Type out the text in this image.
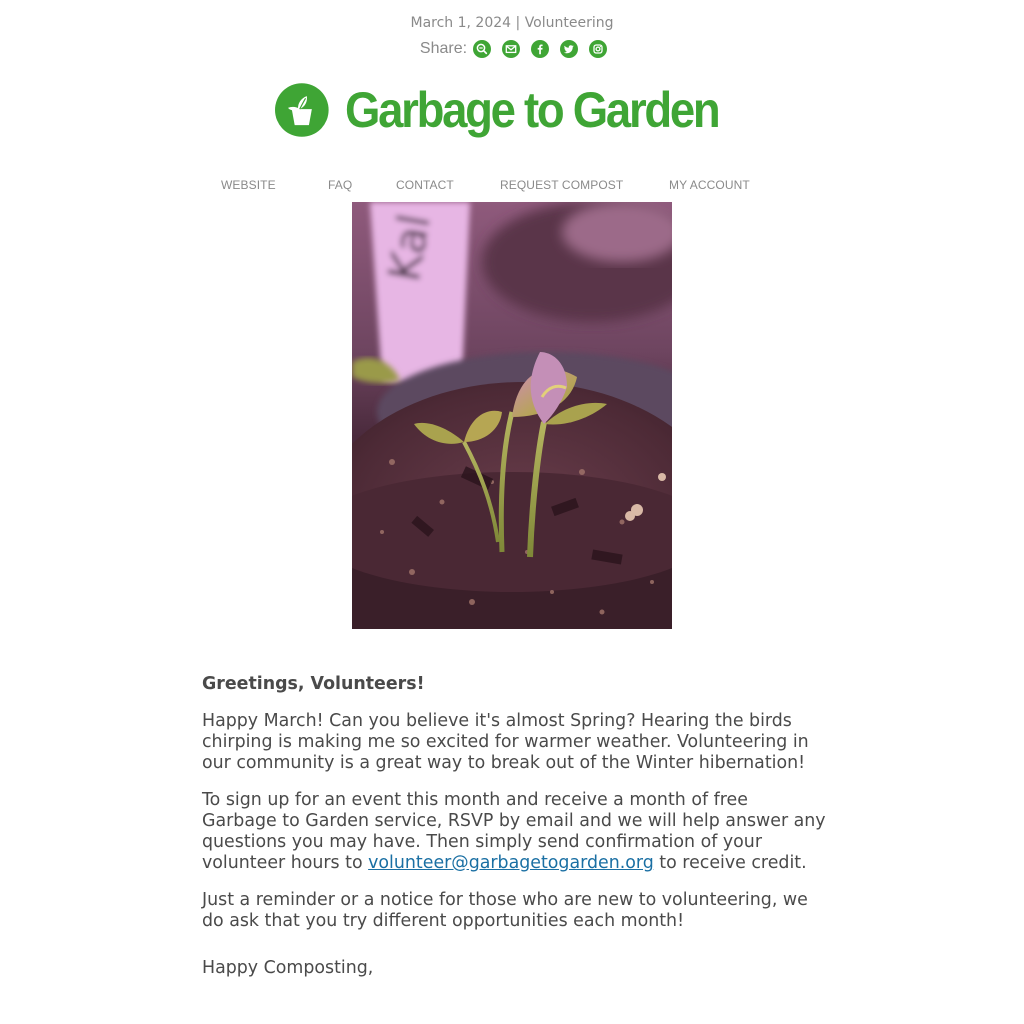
March 1, 2024 | Volunteering
Share:
Garbage to Garden
WEBSITE	FAQ	CONTACT	REQUEST COMPOST	MY ACCOUNT
Kal

Greetings, Volunteers!

Happy March! Can you believe it's almost Spring? Hearing the birds chirping is making me so excited for warmer weather. Volunteering in our community is a great way to break out of the Winter hibernation!

To sign up for an event this month and receive a month of free Garbage to Garden service, RSVP by email and we will help answer any questions you may have. Then simply send confirmation of your volunteer hours to volunteer@garbagetogarden.org to receive credit.

Just a reminder or a notice for those who are new to volunteering, we do ask that you try different opportunities each month!

Happy Composting,
